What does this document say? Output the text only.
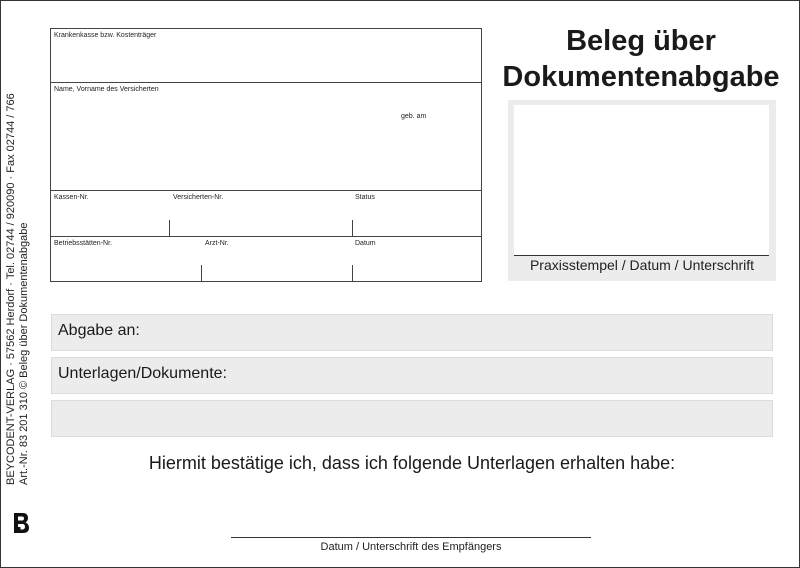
BEYCODENT-VERLAG · 57562 Herdorf · Tel. 02744 / 920090 · Fax 02744 / 766 Art.-Nr. 83 201 310 © Beleg über Dokumentenabgabe
Krankenkasse bzw. Kostenträger
Name, Vorname des Versicherten
geb. am
Kassen-Nr.	Versicherten-Nr.	Status
Betriebsstätten-Nr.	Arzt-Nr.	Datum
Beleg über
Dokumentenabgabe
Praxisstempel / Datum / Unterschrift
Abgabe an:
Unterlagen/Dokumente:
Hiermit bestätige ich, dass ich folgende Unterlagen erhalten habe:
Datum / Unterschrift des Empfängers
